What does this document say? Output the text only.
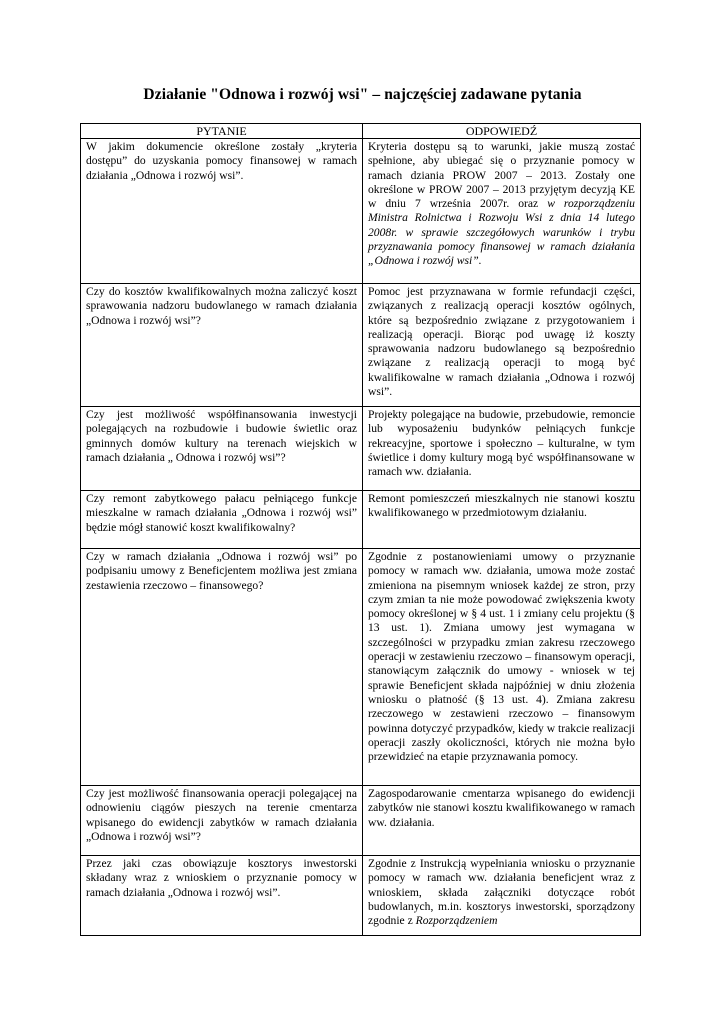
Działanie "Odnowa i rozwój wsi" – najczęściej zadawane pytania
PYTANIE	ODPOWIEDŹ
W jakim dokumencie określone zostały „kryteria dostępu” do uzyskania pomocy finansowej w ramach działania „Odnowa i rozwój wsi”.	Kryteria dostępu są to warunki, jakie muszą zostać spełnione, aby ubiegać się o przyznanie pomocy w ramach dziania PROW 2007 – 2013. Zostały one określone w PROW 2007 – 2013 przyjętym decyzją KE w dniu 7 września 2007r. oraz w rozporządzeniu Ministra Rolnictwa i Rozwoju Wsi z dnia 14 lutego 2008r. w sprawie szczegółowych warunków i trybu przyznawania pomocy finansowej w ramach działania „Odnowa i rozwój wsi”.
Czy do kosztów kwalifikowalnych można zaliczyć koszt sprawowania nadzoru budowlanego w ramach działania „Odnowa i rozwój wsi”?	Pomoc jest przyznawana w formie refundacji części, związanych z realizacją operacji kosztów ogólnych, które są bezpośrednio związane z przygotowaniem i realizacją operacji. Biorąc pod uwagę iż koszty sprawowania nadzoru budowlanego są bezpośrednio związane z realizacją operacji to mogą być kwalifikowalne w ramach działania „Odnowa i rozwój wsi”.
Czy jest możliwość współfinansowania inwestycji polegających na rozbudowie i budowie świetlic oraz gminnych domów kultury na terenach wiejskich w ramach działania „ Odnowa i rozwój wsi”?	Projekty polegające na budowie, przebudowie, remoncie lub wyposażeniu budynków pełniących funkcje rekreacyjne, sportowe i społeczno – kulturalne, w tym świetlice i domy kultury mogą być współfinansowane w ramach ww. działania.
Czy remont zabytkowego pałacu pełniącego funkcje mieszkalne w ramach działania „Odnowa i rozwój wsi” będzie mógł stanowić koszt kwalifikowalny?	Remont pomieszczeń mieszkalnych nie stanowi kosztu kwalifikowanego w przedmiotowym działaniu.
Czy w ramach działania „Odnowa i rozwój wsi” po podpisaniu umowy z Beneficjentem możliwa jest zmiana zestawienia rzeczowo – finansowego?	Zgodnie z postanowieniami umowy o przyznanie pomocy w ramach ww. działania, umowa może zostać zmieniona na pisemnym wniosek każdej ze stron, przy czym zmian ta nie może powodować zwiększenia kwoty pomocy określonej w § 4 ust. 1 i zmiany celu projektu (§ 13 ust. 1). Zmiana umowy jest wymagana w szczególności w przypadku zmian zakresu rzeczowego operacji w zestawieniu rzeczowo – finansowym operacji, stanowiącym załącznik do umowy - wniosek w tej sprawie Beneficjent składa najpóźniej w dniu złożenia wniosku o płatność (§ 13 ust. 4). Zmiana zakresu rzeczowego w zestawieni rzeczowo – finansowym powinna dotyczyć przypadków, kiedy w trakcie realizacji operacji zaszły okoliczności, których nie można było przewidzieć na etapie przyznawania pomocy.
Czy jest możliwość finansowania operacji polegającej na odnowieniu ciągów pieszych na terenie cmentarza wpisanego do ewidencji zabytków w ramach działania „Odnowa i rozwój wsi”?	Zagospodarowanie cmentarza wpisanego do ewidencji zabytków nie stanowi kosztu kwalifikowanego w ramach ww. działania.
Przez jaki czas obowiązuje kosztorys inwestorski składany wraz z wnioskiem o przyznanie pomocy w ramach działania „Odnowa i rozwój wsi”.	Zgodnie z Instrukcją wypełniania wniosku o przyznanie pomocy w ramach ww. działania beneficjent wraz z wnioskiem, składa załączniki dotyczące robót budowlanych, m.in. kosztorys inwestorski, sporządzony zgodnie z Rozporządzeniem
